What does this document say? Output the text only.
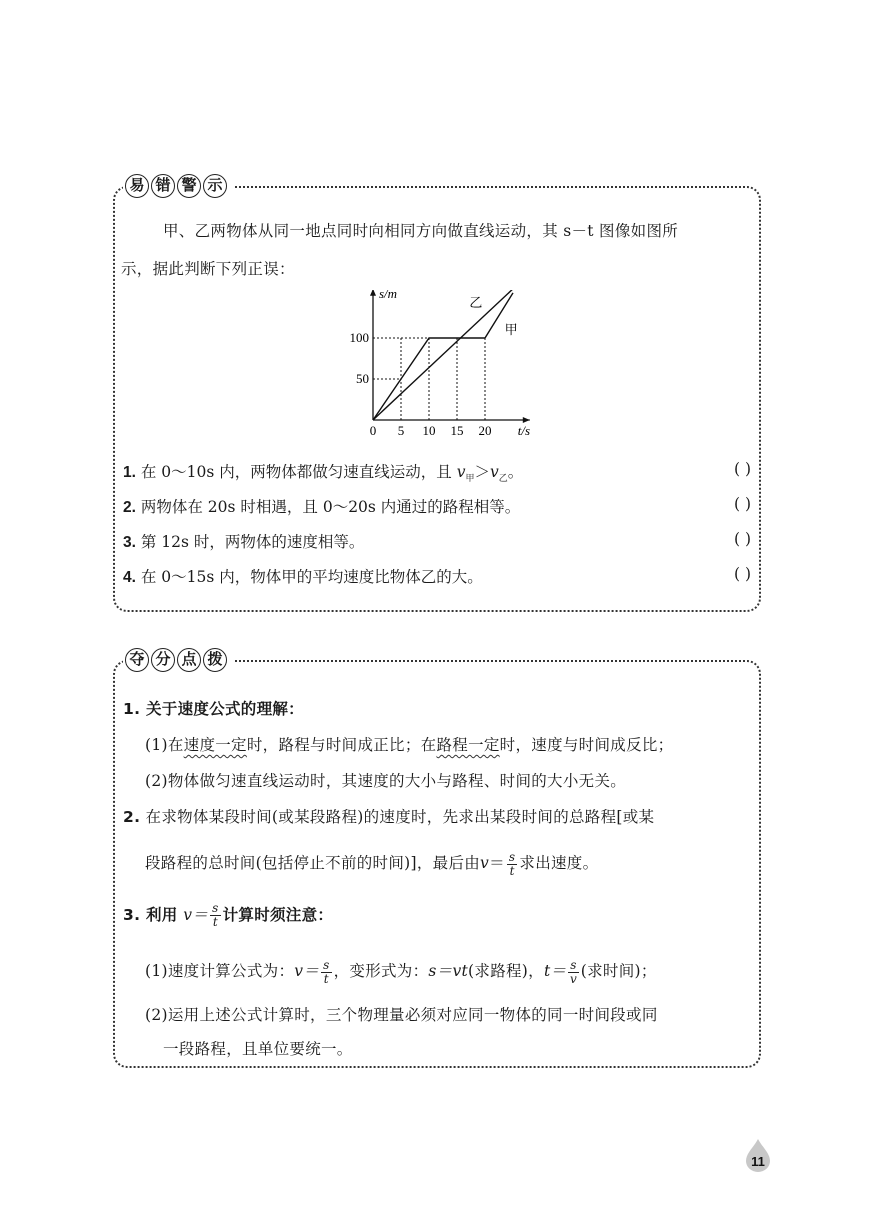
易 错 警 示
甲、乙两物体从同一地点同时向相同方向做直线运动，其 s－t 图像如图所
示，据此判断下列正误：
乙
甲
0 5 10 15 20
50
100
t/s
s/m
1. 在 0～10s 内，两物体都做匀速直线运动，且 $v_甲>v_乙$。	( )
2. 两物体在 20s 时相遇，且 0～20s 内通过的路程相等。	( )
3. 第 12s 时，两物体的速度相等。	( )
4. 在 0～15s 内，物体甲的平均速度比物体乙的大。	( )
夺 分 点 拨
1. 关于速度公式的理解：
(1)在速度一定时，路程与时间成正比；在路程一定时，速度与时间成反比；
(2)物体做匀速直线运动时，其速度的大小与路程、时间的大小无关。
2. 在求物体某段时间(或某段路程)的速度时，先求出某段时间的总路程[或某
段路程的总时间(包括停止不前的时间)]，最后由$v= \frac{s}{t}$ 求出速度。
3. 利用 $v= \frac{s}{t}$ 计算时须注意：
(1)速度计算公式为：$v= \frac{s}{t}$ ，变形式为：s＝vt(求路程)，$t= \frac{s}{v}$ (求时间)；
(2)运用上述公式计算时，三个物理量必须对应同一物体的同一时间段或同
一段路程，且单位要统一。
11
